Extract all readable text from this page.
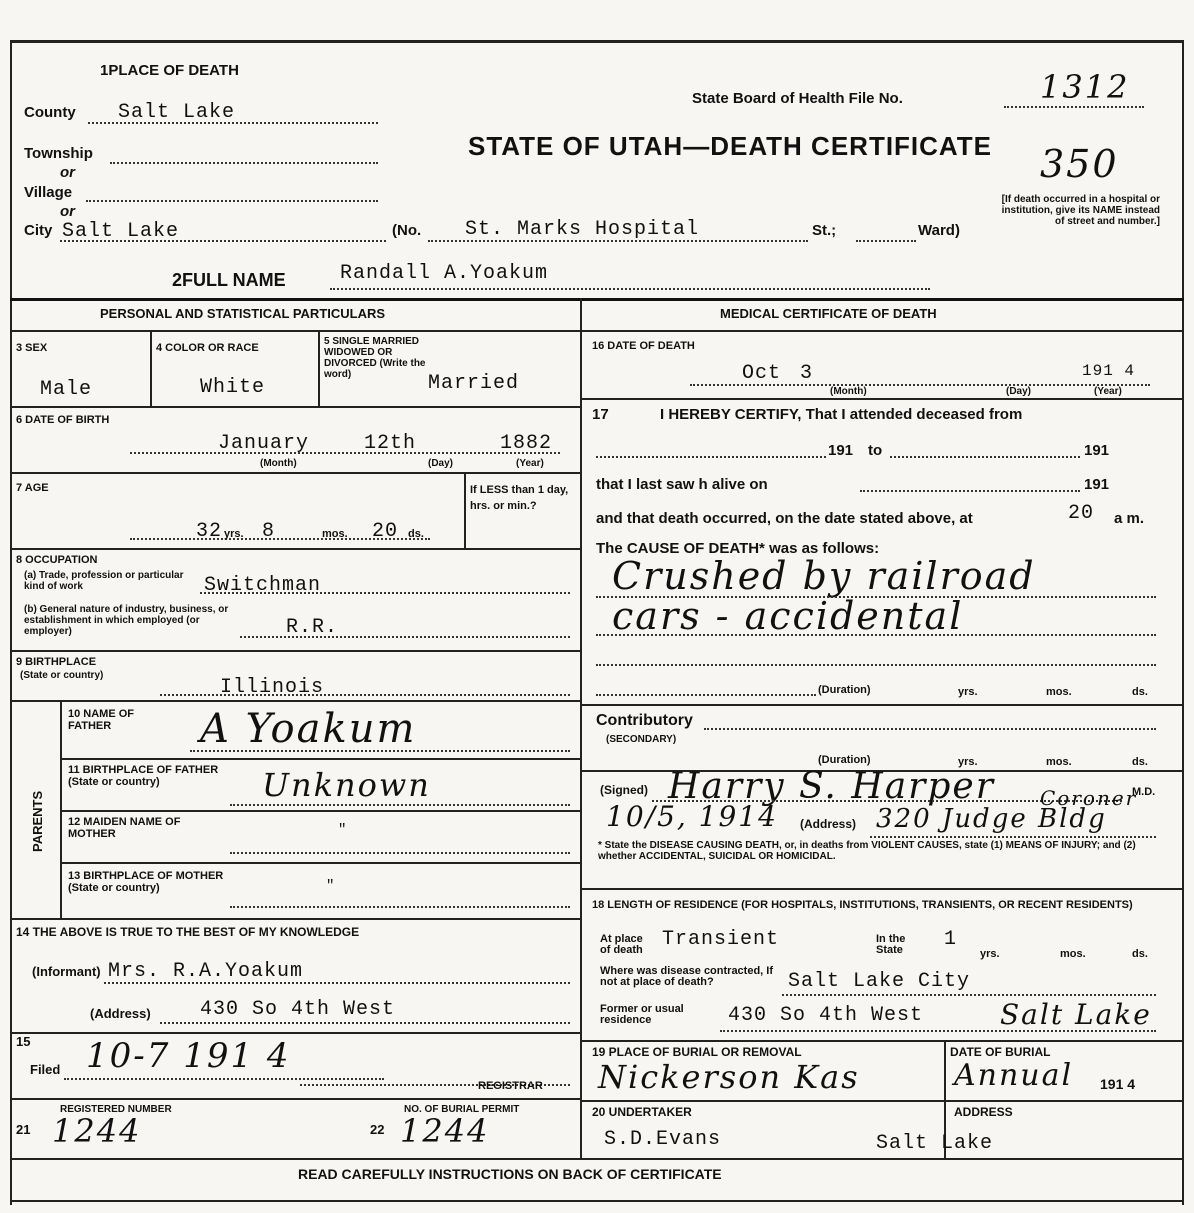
1PLACE OF DEATH
County Salt Lake
Township
or
Village
or
City Salt Lake	(No. St. Marks Hospital	St.;	Ward)
State Board of Health File No.	1312
STATE OF UTAH—DEATH CERTIFICATE 350
[If death occurred in a hospital or institution, give its NAME instead of street and number.]
2FULL NAME	Randall A.Yoakum
PERSONAL AND STATISTICAL PARTICULARS
3 SEX
Male
4 COLOR OR RACE
White
5 SINGLE MARRIED WIDOWED OR DIVORCED (Write the word)	Married
6 DATE OF BIRTH
January	12th	1882
(Month)	(Day)	(Year)
7 AGE
32 yrs. 8	mos. 20 ds.
If LESS than 1 day, hrs. or min.?
8 OCCUPATION
(a) Trade, profession or particular kind of work	Switchman
(b) General nature of industry, business, or establishment in which employed (or employer)	R.R.
9 BIRTHPLACE
(State or country)
Illinois
PARENTS
10 NAME OF FATHER	A Yoakum
11 BIRTHPLACE OF FATHER (State or country)	Unknown
12 MAIDEN NAME OF MOTHER	"
13 BIRTHPLACE OF MOTHER (State or country)	"
14 THE ABOVE IS TRUE TO THE BEST OF MY KNOWLEDGE
(Informant) Mrs. R.A.Yoakum
(Address) 430 So 4th West
15
Filed 10-7 191 4
REGISTRAR
REGISTERED NUMBER
21 1244
NO. OF BURIAL PERMIT
22 1244
MEDICAL CERTIFICATE OF DEATH
16 DATE OF DEATH
Oct 3	191 4
(Month)	(Day)	(Year)
17	I HEREBY CERTIFY, That I attended deceased from
191 to	191
that I last saw h alive on	191
and that death occurred, on the date stated above, at	20 a m.
The CAUSE OF DEATH* was as follows:
Crushed by railroad
cars - accidental
(Duration)	yrs.	mos.	ds.
Contributory
(SECONDARY)
(Duration)	yrs.	mos.	ds.
(Signed) Harry S. Harper	M.D.
Coroner
10/5, 1914 (Address) 320 Judge Bldg
* State the DISEASE CAUSING DEATH, or, in deaths from VIOLENT CAUSES, state (1) MEANS OF INJURY; and (2) whether ACCIDENTAL, SUICIDAL OR HOMICIDAL.
18 LENGTH OF RESIDENCE (FOR HOSPITALS, INSTITUTIONS, TRANSIENTS, OR RECENT RESIDENTS)
At place of death Transient	In the State	1
yrs.	mos.	ds.
Where was disease contracted, If not at place of death?	Salt Lake City
Former or usual residence	430 So 4th West	Salt Lake
19 PLACE OF BURIAL OR REMOVAL
Nickerson Kas
DATE OF BURIAL
Annual 191 4
20 UNDERTAKER
S.D.Evans
ADDRESS
Salt Lake
READ CAREFULLY INSTRUCTIONS ON BACK OF CERTIFICATE
